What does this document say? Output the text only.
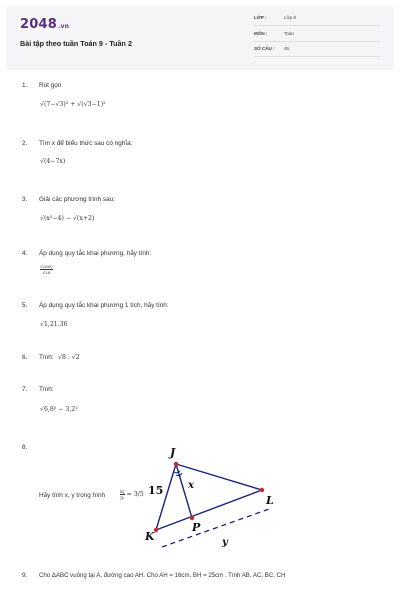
2048.vn
Bài tập theo tuần Toán 9 - Tuần 2
LỚP :	Lớp 9
MÔN :	Toán
SỐ CÂU : 46
1. Rút gọn
√(7−√3)² + √(√3−1)²
2. Tìm x để biểu thức sau có nghĩa:
√(4−7x)
3. Giải các phương trình sau:
√(x²−4) − √(x+2)
4. Áp dụng quy tắc khai phương, hãy tính:
$\frac{√2800}{√28}$
5. Áp dụng quy tắc khai phương 1 tích, hãy tính:
√1,21.36
6. Tính: √8 . √2
7. Tính:
√6,8² − 3,2²
8.
Hãy tính x, y trong hình	$\frac{KJ}{JL} = 3/5$
J
K
L
P
15 x
y
9. Cho ΔABC vuông tại A, đường cao AH. Cho AH = 16cm, BH = 25cm . Tính AB, AC, BC, CH
